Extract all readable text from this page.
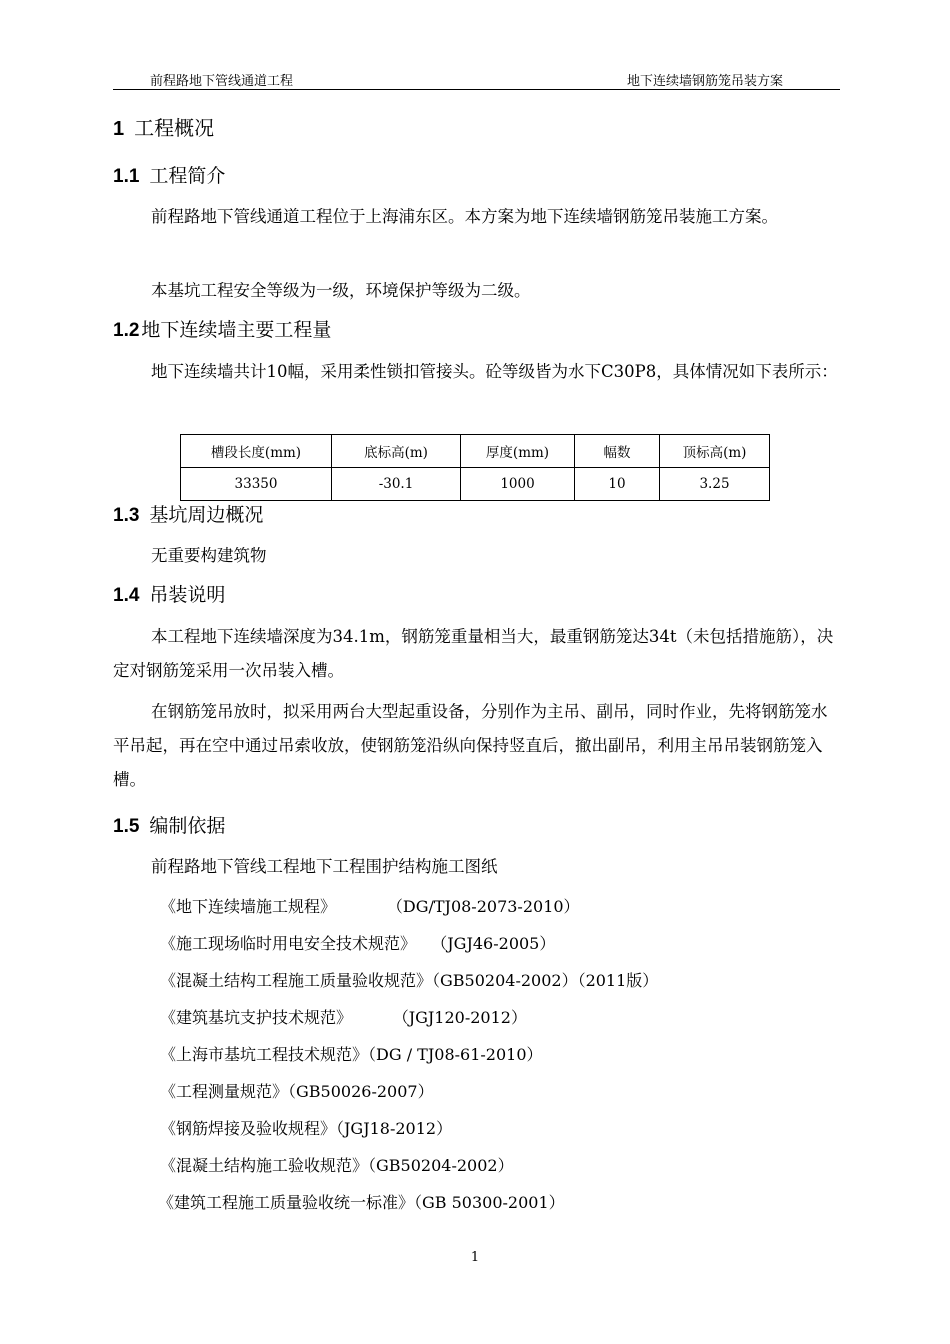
前程路地下管线通道工程	地下连续墙钢筋笼吊装方案
1 工程概况
1.1 工程简介
前程路地下管线通道工程位于上海浦东区。本方案为地下连续墙钢筋笼吊装施工方案。
本基坑工程安全等级为一级，环境保护等级为二级。
1.2 地下连续墙主要工程量
地下连续墙共计10幅，采用柔性锁扣管接头。砼等级皆为水下C30P8，具体情况如下表所示：
槽段长度(mm)	底标高(m)	厚度(mm)	幅数	顶标高(m)
33350	-30.1	1000	10	3.25
1.3 基坑周边概况
无重要构建筑物
1.4 吊装说明
本工程地下连续墙深度为34.1m，钢筋笼重量相当大，最重钢筋笼达34t（未包括措施筋），决定对钢筋笼采用一次吊装入槽。
在钢筋笼吊放时，拟采用两台大型起重设备，分别作为主吊、副吊，同时作业，先将钢筋笼水平吊起，再在空中通过吊索收放，使钢筋笼沿纵向保持竖直后，撤出副吊，利用主吊吊装钢筋笼入槽。
1.5 编制依据
前程路地下管线工程地下工程围护结构施工图纸
《地下连续墙施工规程》          （DG/TJ08-2073-2010）
《施工现场临时用电安全技术规范》   （JGJ46-2005）
《混凝土结构工程施工质量验收规范》（GB50204-2002）（2011版）
《建筑基坑支护技术规范》        （JGJ120-2012）
《上海市基坑工程技术规范》（DG / TJ08-61-2010）
《工程测量规范》（GB50026-2007）
《钢筋焊接及验收规程》（JGJ18-2012）
《混凝土结构施工验收规范》（GB50204-2002）
《建筑工程施工质量验收统一标准》（GB 50300-2001）
1
